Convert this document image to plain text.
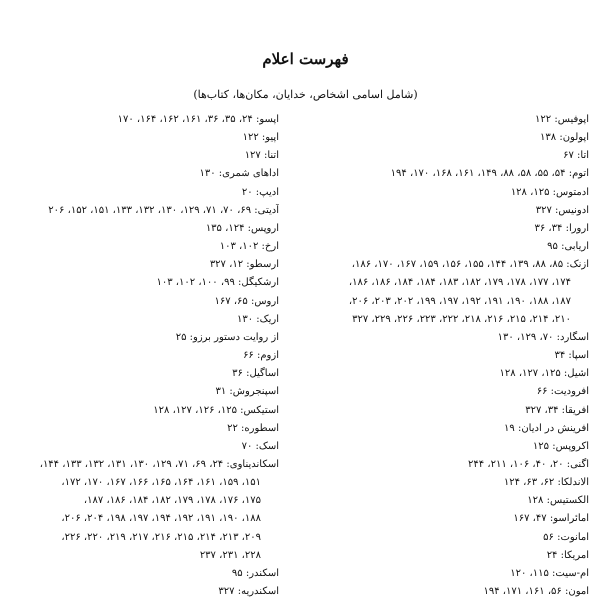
فهرست اعلام
(شامل اسامی اشخاص، خدایان، مکان‌ها، کتاب‌ها)
اپوفیس: ۱۲۲
اپولون: ۱۳۸
اتا: ۶۷
اتوم: ۵۴، ۵۵، ۵۸، ۸۸، ۱۴۹، ۱۶۱، ۱۶۸، ۱۷۰، ۱۹۴
ادمتوس: ۱۲۵، ۱۲۸
ادونیس: ۳۲۷
ارورا: ۳۴، ۳۶
اریابی: ۹۵
ازنک: ۸۵، ۸۸، ۱۳۹، ۱۴۴، ۱۵۵، ۱۵۶، ۱۵۹، ۱۶۷، ۱۷۰، ۱۸۶،
۱۷۴، ۱۷۷، ۱۷۸، ۱۷۹، ۱۸۲، ۱۸۳، ۱۸۴، ۱۸۴، ۱۸۶، ۱۸۶،
۱۸۷، ۱۸۸، ۱۹۰، ۱۹۱، ۱۹۲، ۱۹۷، ۱۹۹، ۲۰۲، ۲۰۳، ۲۰۶،
۲۱۰، ۲۱۴، ۲۱۵، ۲۱۶، ۲۱۸، ۲۲۲، ۲۲۳، ۲۲۶، ۲۲۹، ۳۲۷
اسگارد: ۷۰، ۱۲۹، ۱۳۰
اسپا: ۳۴
اشیل: ۱۲۵، ۱۲۷، ۱۲۸
افرودیت: ۶۶
افریقا: ۳۴، ۳۲۷
افرینش در ادیان: ۱۹
اکروپس: ۱۲۵
اگنی: ۲۰، ۴۰، ۱۰۶، ۲۱۱، ۲۴۴
الاندلکا: ۶۲، ۶۳، ۱۲۴
الکستیس: ۱۲۸
امائراسو: ۴۷، ۱۶۷
امانوت: ۵۶
امریکا: ۲۴
ام-سیت: ۱۱۵، ۱۲۰
امون: ۵۶، ۱۶۱، ۱۷۱، ۱۹۴
اپسو: ۲۴، ۳۵، ۳۶، ۱۶۱، ۱۶۲، ۱۶۴، ۱۷۰
اپیو: ۱۲۲
اتنا: ۱۲۷
اداهای شمری: ۱۳۰
ادیپ: ۲۰
آدیتی: ۶۹، ۷۰، ۷۱، ۱۲۹، ۱۳۰، ۱۳۲، ۱۳۳، ۱۵۱، ۱۵۲، ۲۰۶
اروپس: ۱۲۴، ۱۳۵
ارخ: ۱۰۲، ۱۰۳
ارسطو: ۱۲، ۳۲۷
ارشکیگل: ۹۹، ۱۰۰، ۱۰۲، ۱۰۳
اروس: ۶۵، ۱۶۷
اریک: ۱۳۰
از روایت دستور برزو: ۲۵
ازوم: ۶۶
اساگیل: ۳۶
اسپنجروش: ۳۱
استیکس: ۱۲۵، ۱۲۶، ۱۲۷، ۱۲۸
اسطوره: ۲۲
اسک: ۷۰
اسکاندیناوی: ۲۴، ۶۹، ۷۱، ۱۲۹، ۱۳۰، ۱۳۱، ۱۳۲، ۱۳۳، ۱۴۴،
۱۵۱، ۱۵۹، ۱۶۱، ۱۶۴، ۱۶۵، ۱۶۶، ۱۶۷، ۱۷۰، ۱۷۲،
۱۷۵، ۱۷۶، ۱۷۸، ۱۷۹، ۱۸۲، ۱۸۴، ۱۸۶، ۱۸۷،
۱۸۸، ۱۹۰، ۱۹۱، ۱۹۲، ۱۹۴، ۱۹۷، ۱۹۸، ۲۰۴، ۲۰۶،
۲۰۹، ۲۱۳، ۲۱۴، ۲۱۵، ۲۱۶، ۲۱۷، ۲۱۹، ۲۲۰، ۲۲۶،
۲۲۸، ۲۳۱، ۲۳۷
اسکندر: ۹۵
اسکندریه: ۳۲۷
